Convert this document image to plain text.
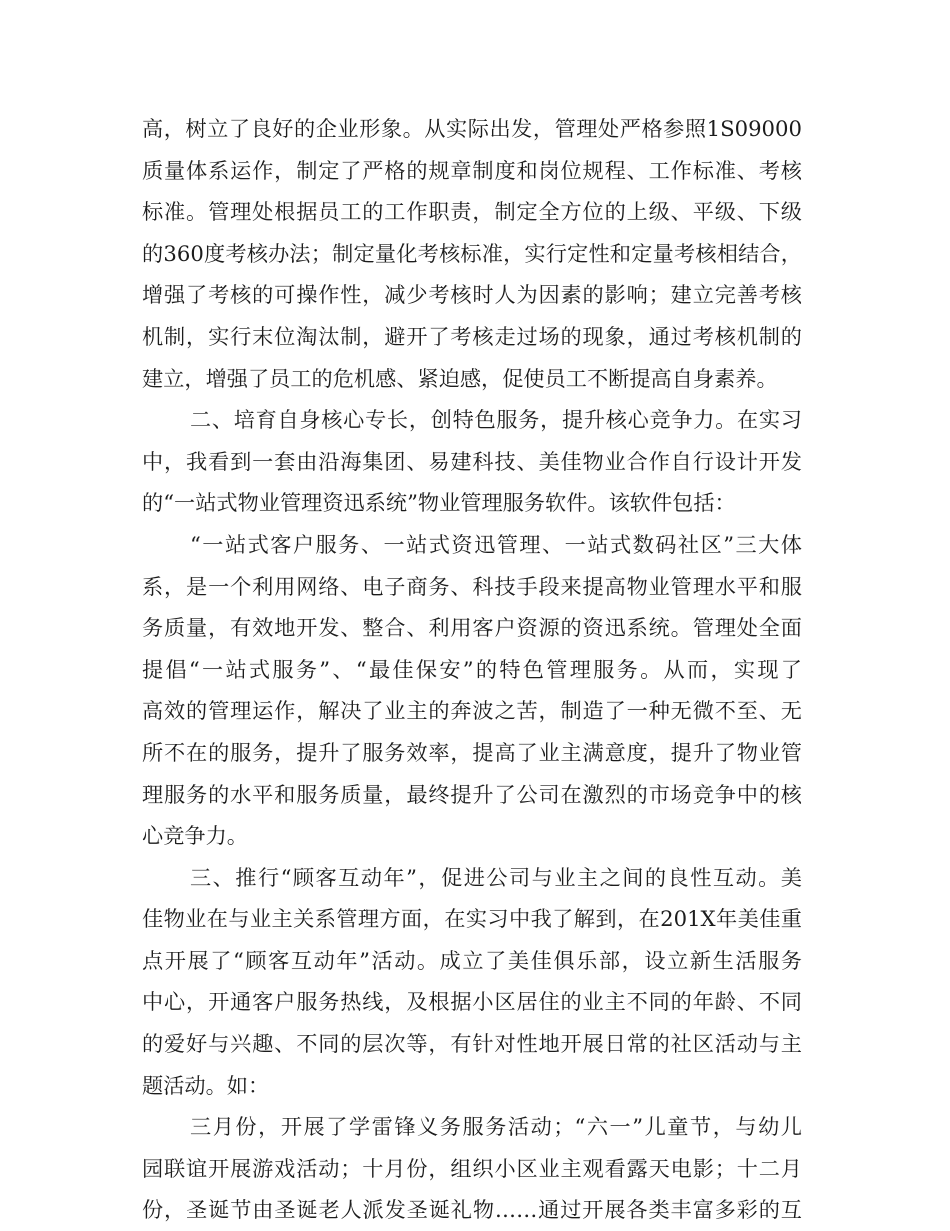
高，树立了良好的企业形象。从实际出发，管理处严格参照1S09000
质量体系运作，制定了严格的规章制度和岗位规程、工作标准、考核
标准。管理处根据员工的工作职责，制定全方位的上级、平级、下级
的360度考核办法；制定量化考核标准，实行定性和定量考核相结合，
增强了考核的可操作性，减少考核时人为因素的影响；建立完善考核
机制，实行末位淘汰制，避开了考核走过场的现象，通过考核机制的
建立，增强了员工的危机感、紧迫感，促使员工不断提高自身素养。
二、培育自身核心专长，创特色服务，提升核心竞争力。在实习
中，我看到一套由沿海集团、易建科技、美佳物业合作自行设计开发
的“一站式物业管理资迅系统”物业管理服务软件。该软件包括：
“一站式客户服务、一站式资迅管理、一站式数码社区”三大体
系，是一个利用网络、电子商务、科技手段来提高物业管理水平和服
务质量，有效地开发、整合、利用客户资源的资迅系统。管理处全面
提倡“一站式服务”、“最佳保安”的特色管理服务。从而，实现了
高效的管理运作，解决了业主的奔波之苦，制造了一种无微不至、无
所不在的服务，提升了服务效率，提高了业主满意度，提升了物业管
理服务的水平和服务质量，最终提升了公司在激烈的市场竞争中的核
心竞争力。
三、推行“顾客互动年”，促进公司与业主之间的良性互动。美
佳物业在与业主关系管理方面，在实习中我了解到，在201X年美佳重
点开展了“顾客互动年”活动。成立了美佳俱乐部，设立新生活服务
中心，开通客户服务热线，及根据小区居住的业主不同的年龄、不同
的爱好与兴趣、不同的层次等，有针对性地开展日常的社区活动与主
题活动。如：
三月份，开展了学雷锋义务服务活动；“六一”儿童节，与幼儿
园联谊开展游戏活动；十月份，组织小区业主观看露天电影；十二月
份，圣诞节由圣诞老人派发圣诞礼物……通过开展各类丰富多彩的互
